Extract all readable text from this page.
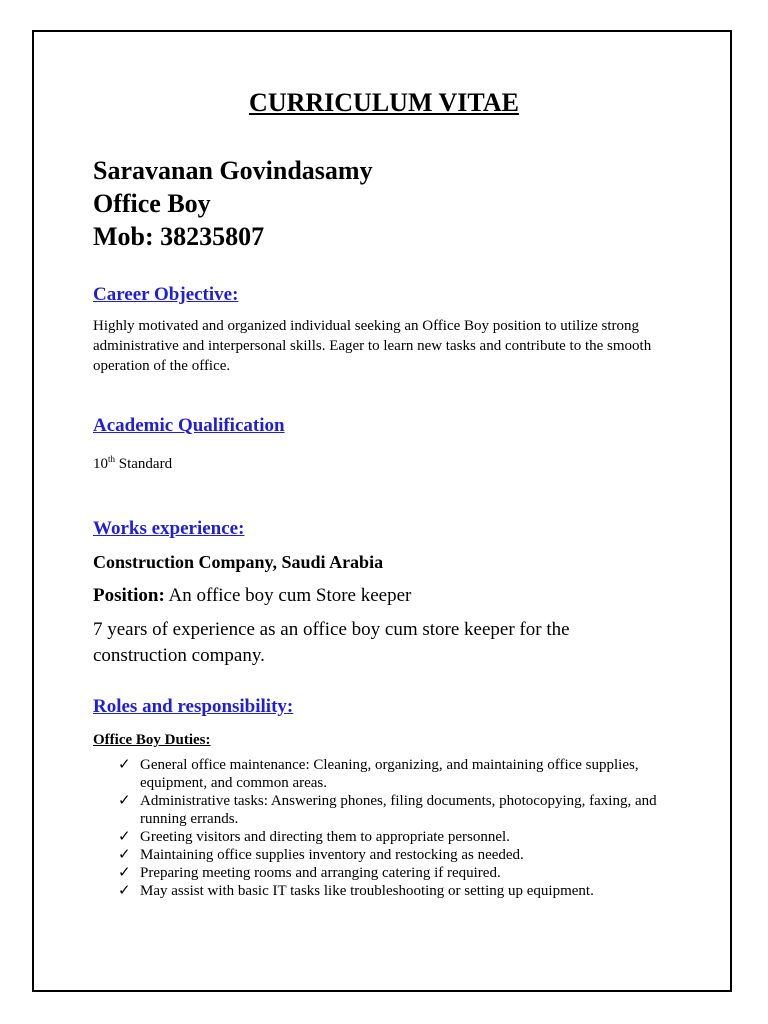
CURRICULUM VITAE

Saravanan Govindasamy

Office Boy

Mob: 38235807

Career Objective:

Highly motivated and organized individual seeking an Office Boy position to utilize strong administrative and interpersonal skills. Eager to learn new tasks and contribute to the smooth operation of the office.

Academic Qualification

10th Standard

Works experience:

Construction Company, Saudi Arabia

Position: An office boy cum Store keeper

7 years of experience as an office boy cum store keeper for the construction company.

Roles and responsibility:

Office Boy Duties:

✓ General office maintenance: Cleaning, organizing, and maintaining office supplies, equipment, and common areas.
✓ Administrative tasks: Answering phones, filing documents, photocopying, faxing, and running errands.
✓ Greeting visitors and directing them to appropriate personnel.
✓ Maintaining office supplies inventory and restocking as needed.
✓ Preparing meeting rooms and arranging catering if required.
✓ May assist with basic IT tasks like troubleshooting or setting up equipment.
